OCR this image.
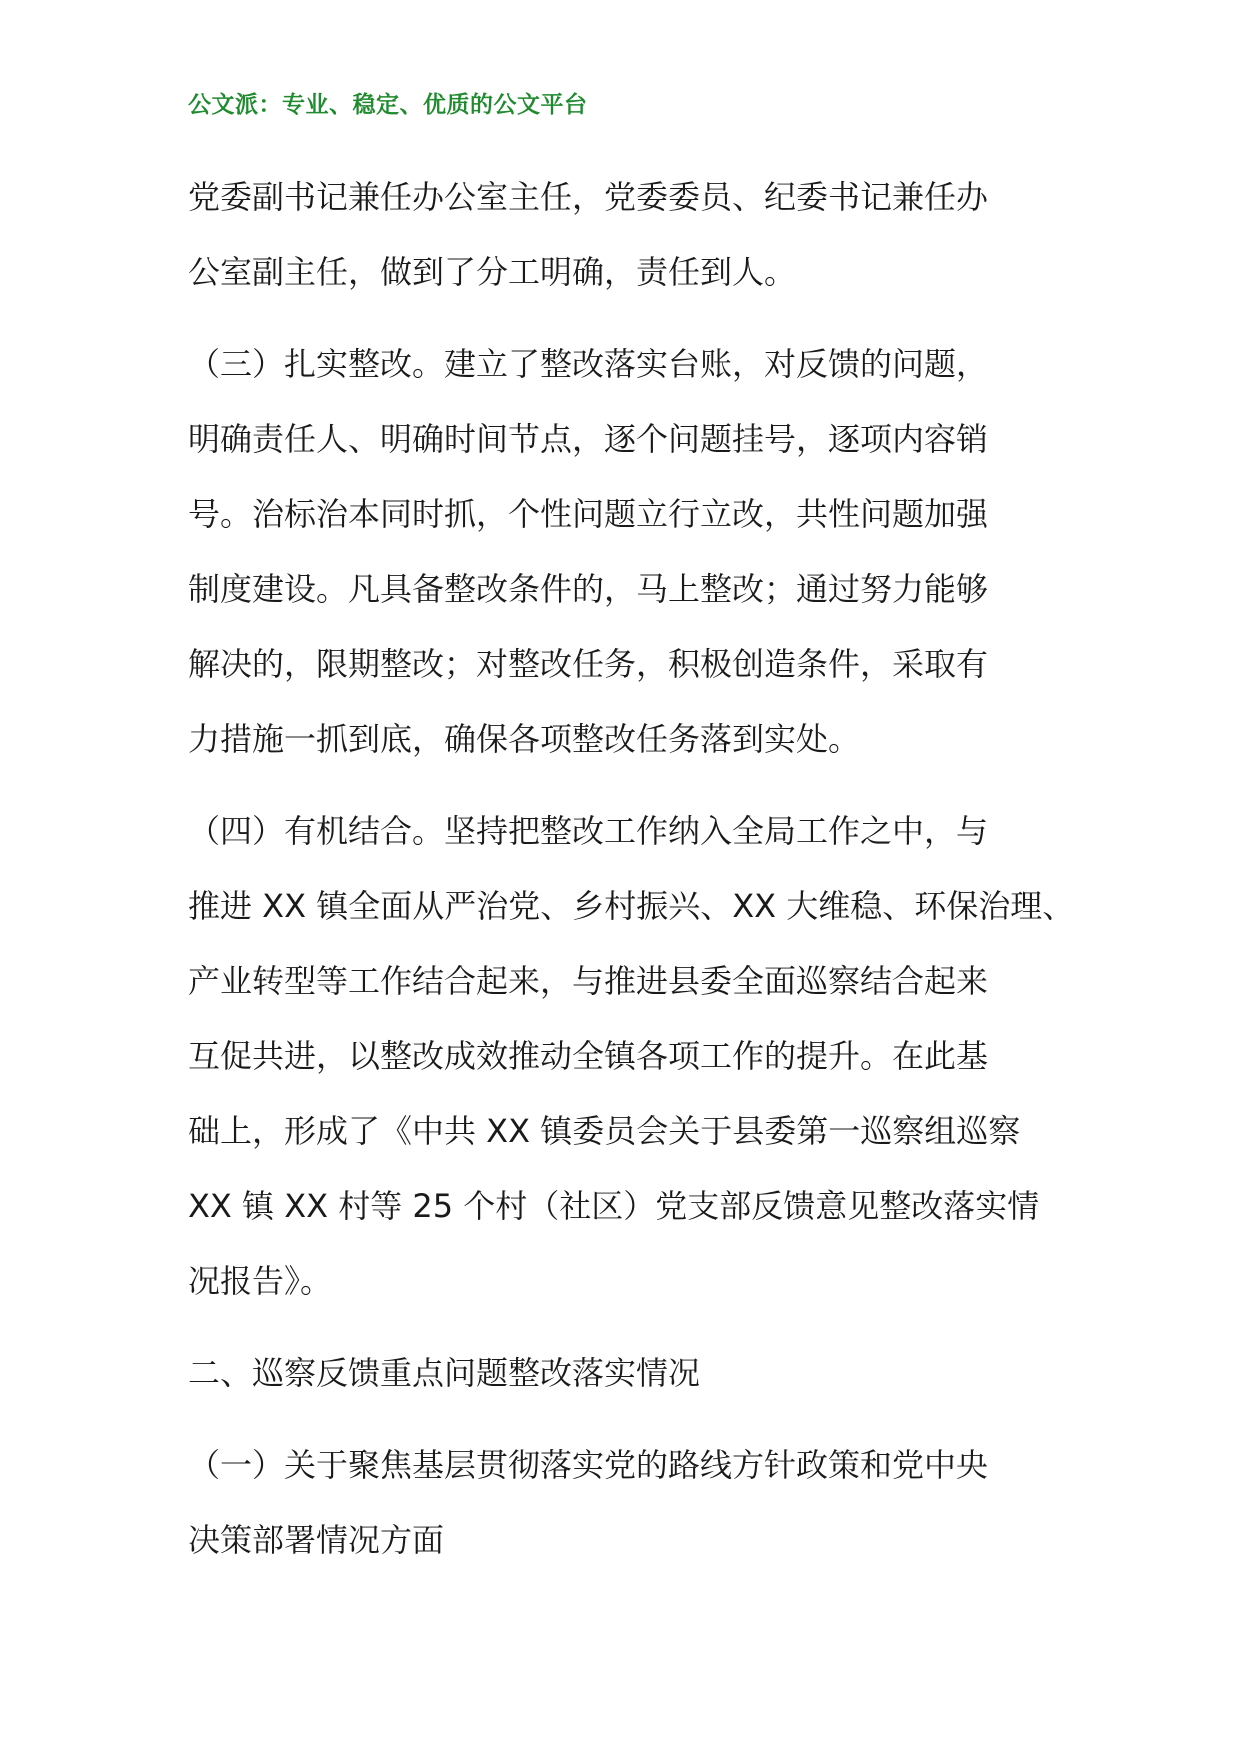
公文派：专业、稳定、优质的公文平台
党委副书记兼任办公室主任，党委委员、纪委书记兼任办
公室副主任，做到了分工明确，责任到人。
（三）扎实整改。建立了整改落实台账，对反馈的问题，
明确责任人、明确时间节点，逐个问题挂号，逐项内容销
号。治标治本同时抓，个性问题立行立改，共性问题加强
制度建设。凡具备整改条件的，马上整改；通过努力能够
解决的，限期整改；对整改任务，积极创造条件，采取有
力措施一抓到底，确保各项整改任务落到实处。
（四）有机结合。坚持把整改工作纳入全局工作之中，与
推进 XX 镇全面从严治党、乡村振兴、XX 大维稳、环保治理、
产业转型等工作结合起来，与推进县委全面巡察结合起来
互促共进，以整改成效推动全镇各项工作的提升。在此基
础上，形成了《中共 XX 镇委员会关于县委第一巡察组巡察
XX 镇 XX 村等 25 个村（社区）党支部反馈意见整改落实情
况报告》。
二、巡察反馈重点问题整改落实情况
（一）关于聚焦基层贯彻落实党的路线方针政策和党中央
决策部署情况方面
